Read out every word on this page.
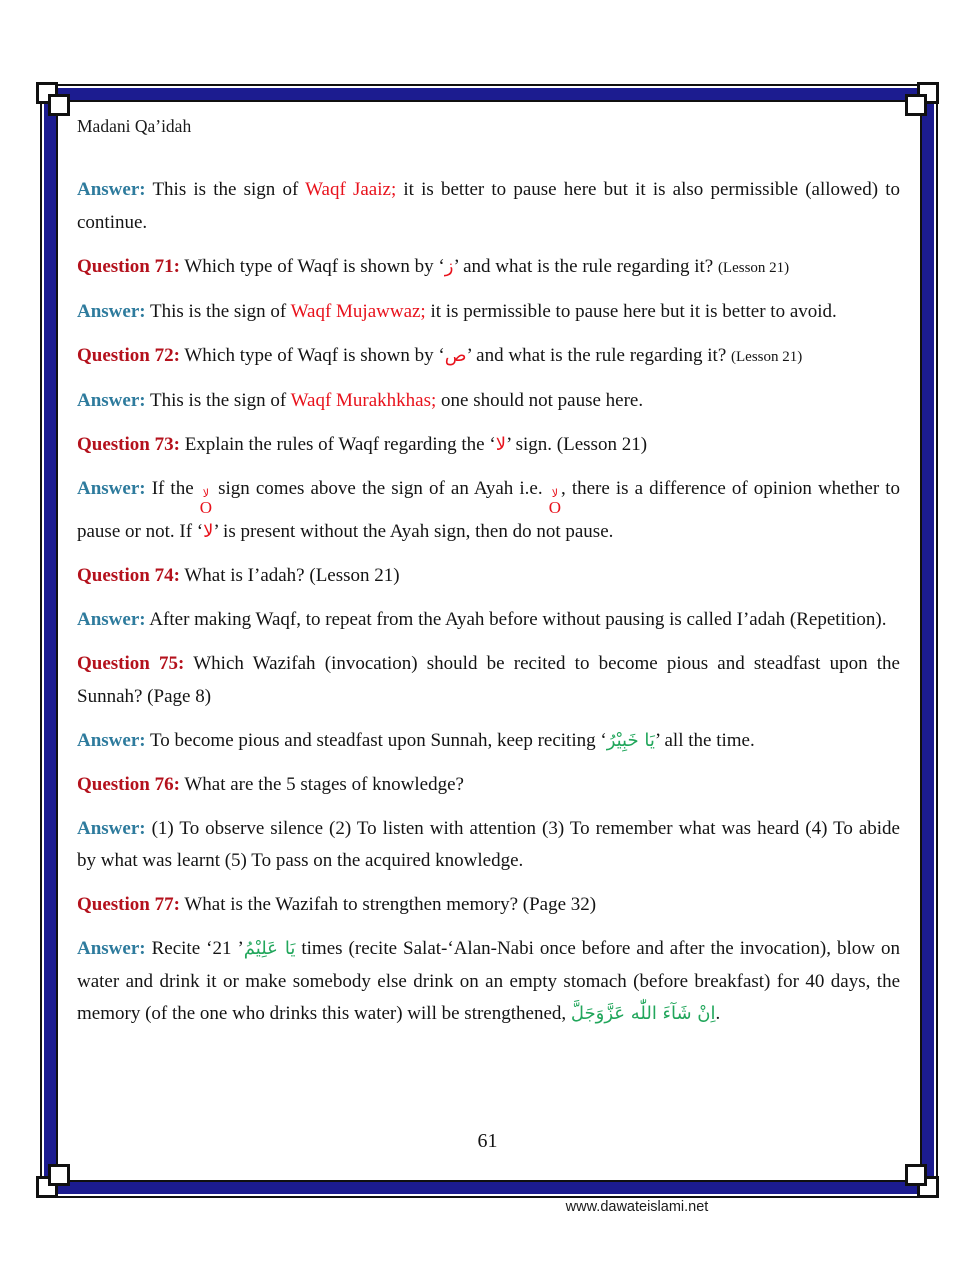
Madani Qa’idah

Answer: This is the sign of Waqf Jaaiz; it is better to pause here but it is also permissible (allowed) to continue.

Question 71: Which type of Waqf is shown by ‘ز’ and what is the rule regarding it? (Lesson 21)

Answer: This is the sign of Waqf Mujawwaz; it is permissible to pause here but it is better to avoid.

Question 72: Which type of Waqf is shown by ‘ص’ and what is the rule regarding it? (Lesson 21)

Answer: This is the sign of Waqf Murakhkhas; one should not pause here.

Question 73: Explain the rules of Waqf regarding the ‘لا’ sign. (Lesson 21)

Answer: If the لا
O
sign comes above the sign of an Ayah i.e. لا
O
, there is a difference of opinion whether to pause or not. If ‘لا’ is present without the Ayah sign, then do not pause.

Question 74: What is I’adah? (Lesson 21)

Answer: After making Waqf, to repeat from the Ayah before without pausing is called I’adah (Repetition).

Question 75: Which Wazifah (invocation) should be recited to become pious and steadfast upon the Sunnah? (Page 8)

Answer: To become pious and steadfast upon Sunnah, keep reciting ‘يَا خَبِيْرُ’ all the time.

Question 76: What are the 5 stages of knowledge?

Answer: (1) To observe silence (2) To listen with attention (3) To remember what was heard (4) To abide by what was learnt (5) To pass on the acquired knowledge.

Question 77: What is the Wazifah to strengthen memory? (Page 32)

Answer: Recite ‘ يَا عَلِيْمُ’ 21 times (recite Salat-‘Alan-Nabi once before and after the invocation), blow on water and drink it or make somebody else drink on an empty stomach (before breakfast) for 40 days, the memory (of the one who drinks this water) will be strengthened, اِنْ شَآءَ اللّٰه عَزَّوَجَلَّ.

61
www.dawateislami.net
